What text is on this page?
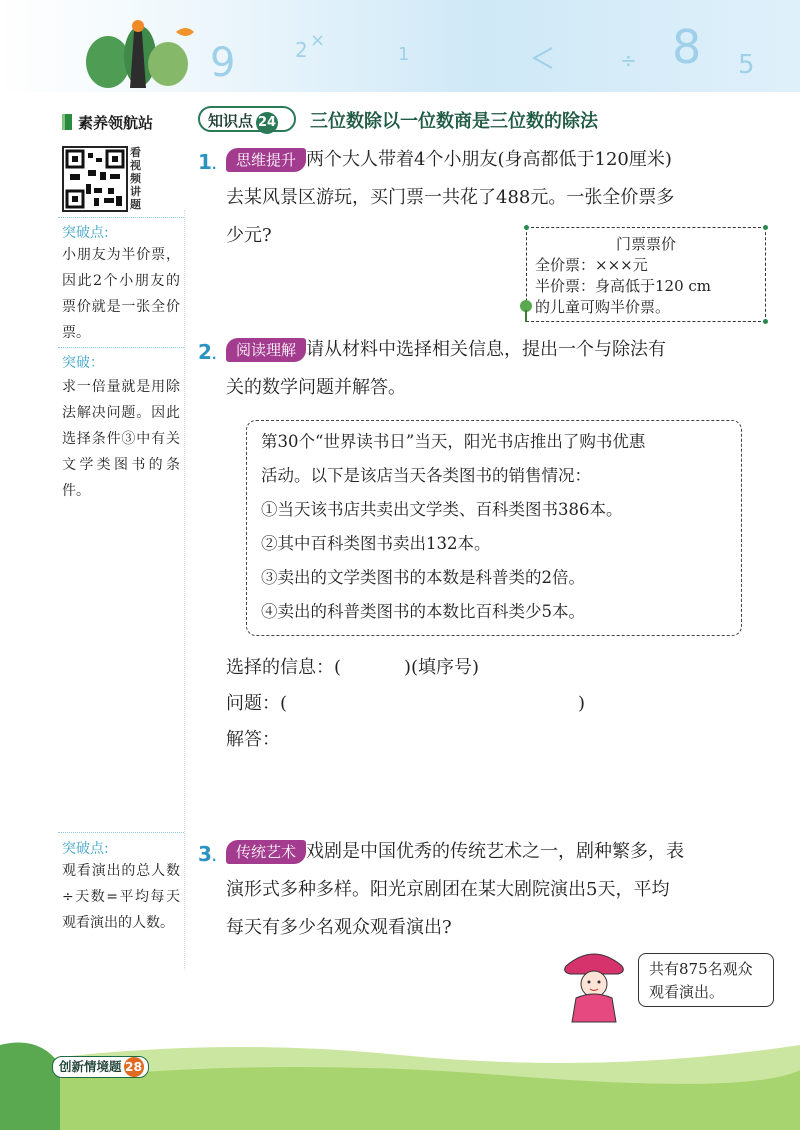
2	1
×
÷ 8
9	5
素养领航站
看视频讲题
突破点:
小朋友为半价票，因此2个小朋友的票价就是一张全价票。
突破：
求一倍量就是用除法解决问题。因此选择条件③中有关文学类图书的条件。
突破点:
观看演出的总人数÷天数=平均每天观看演出的人数。
知识点 24	三位数除以一位数商是三位数的除法
1.	思维提升 两个大人带着4个小朋友(身高都低于120厘米)
去某风景区游玩，买门票一共花了488元。一张全价票多
少元?	门票票价
全价票：×××元
半价票：身高低于120 cm
的儿童可购半价票。
2.	阅读理解 请从材料中选择相关信息，提出一个与除法有
关的数学问题并解答。
第30个“世界读书日”当天，阳光书店推出了购书优惠
活动。以下是该店当天各类图书的销售情况：
①当天该书店共卖出文学类、百科类图书386本。
②其中百科类图书卖出132本。
③卖出的文学类图书的本数是科普类的2倍。
④卖出的科普类图书的本数比百科类少5本。
选择的信息：(           )(填序号)
问题：(	)
解答：
3.	传统艺术 戏剧是中国优秀的传统艺术之一，剧种繁多，表
演形式多种多样。阳光京剧团在某大剧院演出5天，平均
每天有多少名观众观看演出?
共有875名观众
观看演出。
创新情境题 28
